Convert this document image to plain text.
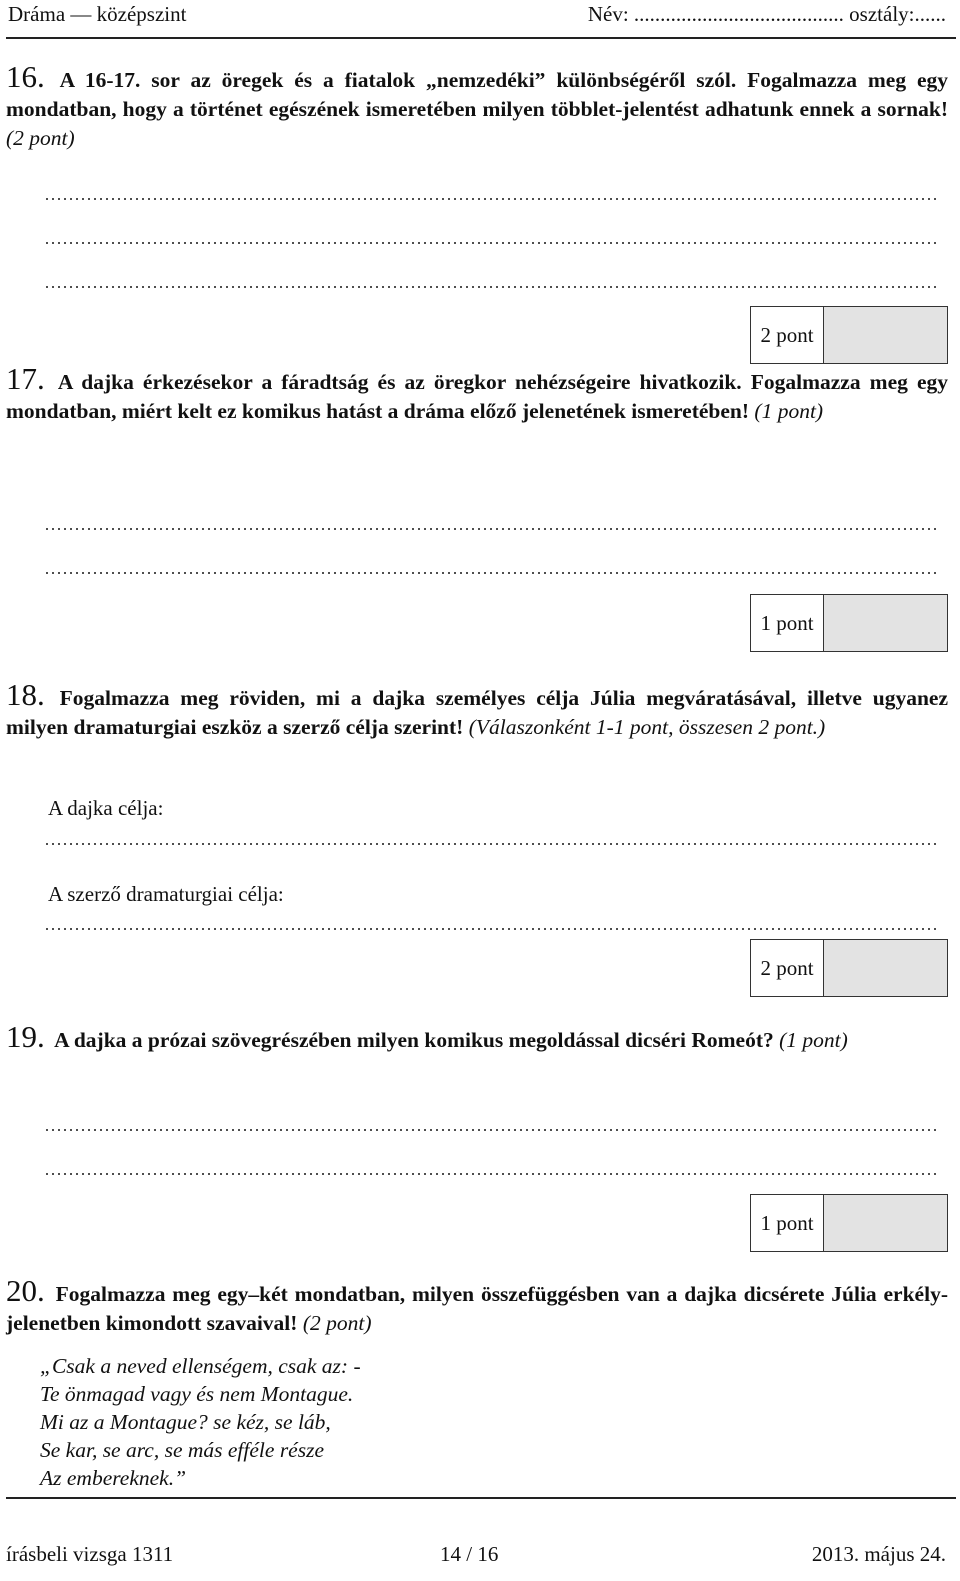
Dráma — középszint	Név: ........................................ osztály:......
16. A 16-17. sor az öregek és a fiatalok „nemzedéki” különbségéről szól. Fogalmazza meg egy mondatban, hogy a történet egészének ismeretében milyen többlet-jelentést adhatunk ennek a sornak! (2 pont)
2 pont
17. A dajka érkezésekor a fáradtság és az öregkor nehézségeire hivatkozik. Fogalmazza meg egy mondatban, miért kelt ez komikus hatást a dráma előző jelenetének ismeretében! (1 pont)
1 pont
18. Fogalmazza meg röviden, mi a dajka személyes célja Júlia megváratásával, illetve ugyanez milyen dramaturgiai eszköz a szerző célja szerint! (Válaszonként 1-1 pont, összesen 2 pont.)
A dajka célja:
A szerző dramaturgiai célja:
2 pont
19. A dajka a prózai szövegrészében milyen komikus megoldással dicséri Romeót? (1 pont)
1 pont
20. Fogalmazza meg egy–két mondatban, milyen összefüggésben van a dajka dicsérete Júlia erkély-jelenetben kimondott szavaival! (2 pont)
„Csak a neved ellenségem, csak az: -
Te önmagad vagy és nem Montague.
Mi az a Montague? se kéz, se láb,
Se kar, se arc, se más efféle része
Az embereknek.”
írásbeli vizsga 1311	14 / 16	2013. május 24.
